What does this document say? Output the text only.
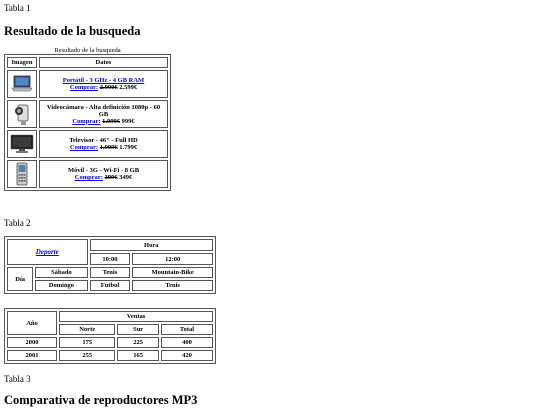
Tabla 1
Resultado de la busqueda
Resultado de la busqueda
Imagen	Datos

Portátil - 3 GHz - 4 GB RAM
Comprar: 2.990€ 2.599€

Videocámara - Alta definición 1080p - 60 GB
Comprar: 1.099€ 999€

Televisor - 46" - Full HD
Comprar: 1.999€ 1.799€

Móvil - 3G - Wi-Fi - 8 GB
Comprar: 399€ 349€
Tabla 2
Deporte		Hora	
		10:00	12:00
Día	Sábado	Tenis	Mountain-Bike
	Domingo	Futbol	Tenis
Año	Ventas		
	Norte	Sur	Total
2000	175	225	400
2001	255	165	420
Tabla 3
Comparativa de reproductores MP3
